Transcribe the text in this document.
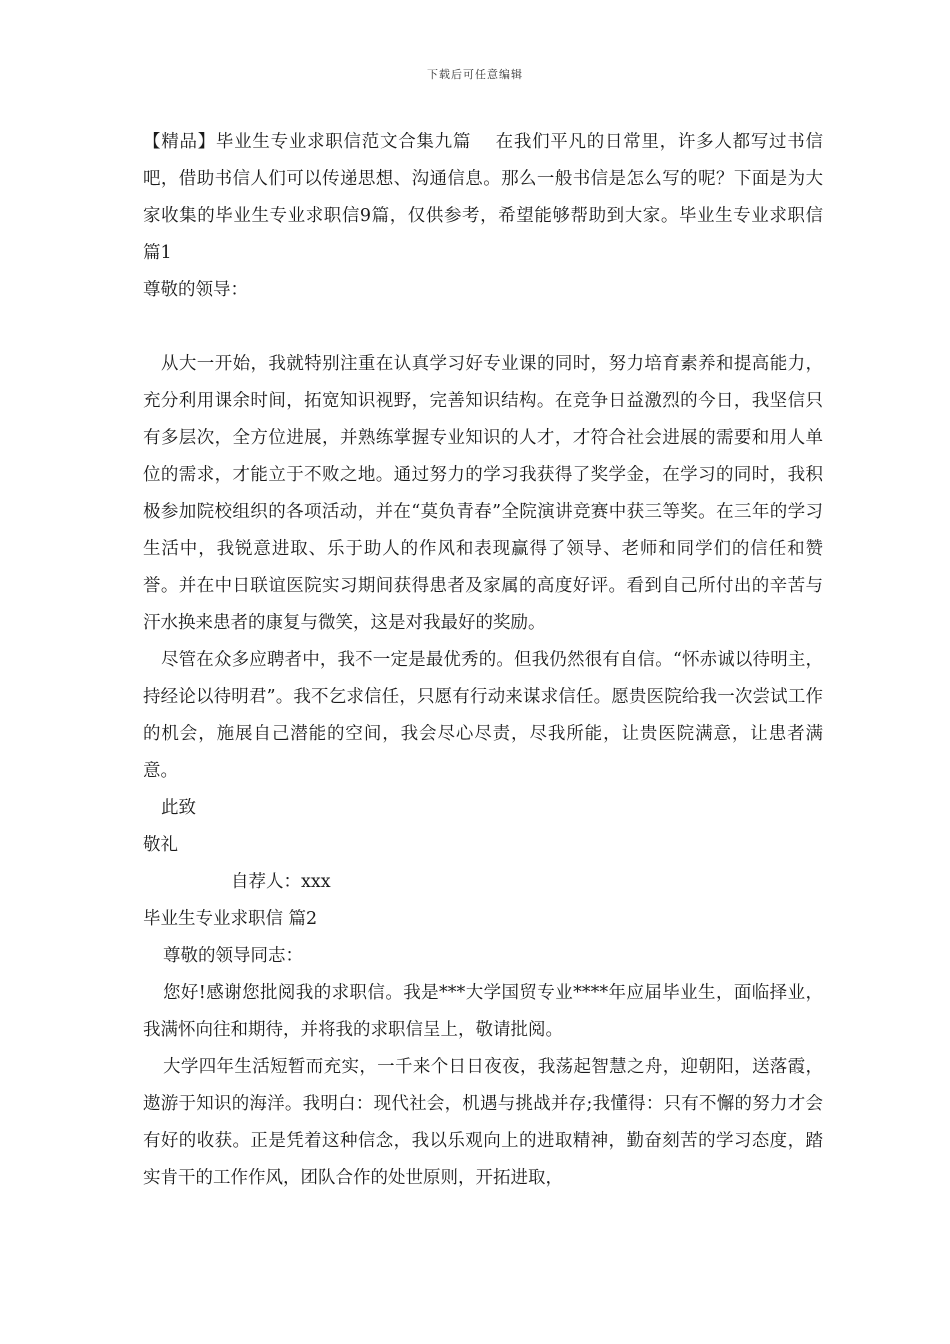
下载后可任意编辑

【精品】毕业生专业求职信范文合集九篇　 在我们平凡的日常里，许多人都写过书信吧，借助书信人们可以传递思想、沟通信息。那么一般书信是怎么写的呢？下面是为大家收集的毕业生专业求职信9篇，仅供参考，希望能够帮助到大家。毕业生专业求职信 篇1

尊敬的领导：

从大一开始，我就特别注重在认真学习好专业课的同时，努力培育素养和提高能力，充分利用课余时间，拓宽知识视野，完善知识结构。在竞争日益激烈的今日，我坚信只有多层次，全方位进展，并熟练掌握专业知识的人才，才符合社会进展的需要和用人单位的需求，才能立于不败之地。通过努力的学习我获得了奖学金，在学习的同时，我积极参加院校组织的各项活动，并在“莫负青春”全院演讲竞赛中获三等奖。在三年的学习生活中，我锐意进取、乐于助人的作风和表现赢得了领导、老师和同学们的信任和赞誉。并在中日联谊医院实习期间获得患者及家属的高度好评。看到自己所付出的辛苦与汗水换来患者的康复与微笑，这是对我最好的奖励。

尽管在众多应聘者中，我不一定是最优秀的。但我仍然很有自信。“怀赤诚以待明主，持经论以待明君”。我不乞求信任，只愿有行动来谋求信任。愿贵医院给我一次尝试工作的机会，施展自己潜能的空间，我会尽心尽责，尽我所能，让贵医院满意，让患者满意。

此致

敬礼

自荐人：xxx

毕业生专业求职信 篇2

尊敬的领导同志：

您好!感谢您批阅我的求职信。我是***大学国贸专业****年应届毕业生，面临择业，我满怀向往和期待，并将我的求职信呈上，敬请批阅。

大学四年生活短暂而充实，一千来个日日夜夜，我荡起智慧之舟，迎朝阳，送落霞，遨游于知识的海洋。我明白：现代社会，机遇与挑战并存;我懂得：只有不懈的努力才会有好的收获。正是凭着这种信念，我以乐观向上的进取精神，勤奋刻苦的学习态度，踏实肯干的工作作风，团队合作的处世原则，开拓进取，
